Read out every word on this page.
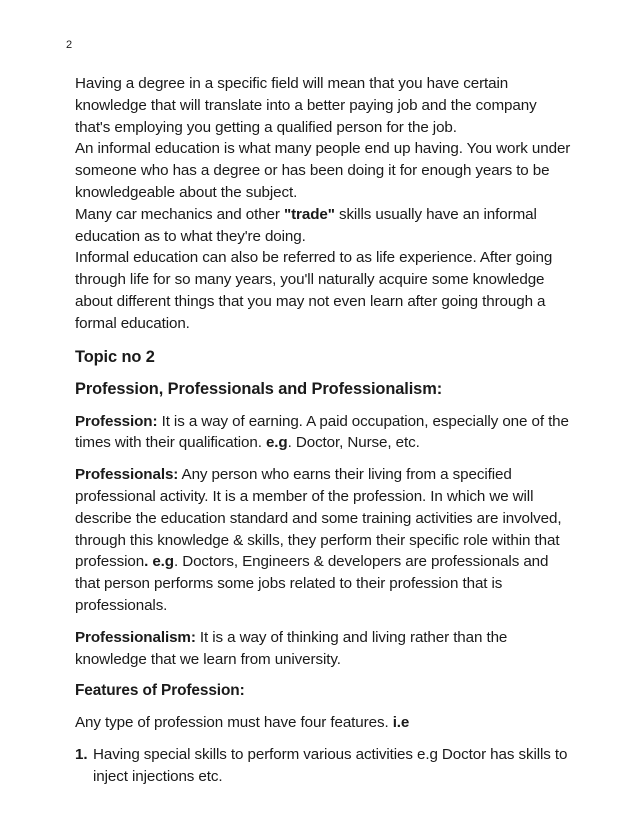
2

Having a degree in a specific field will mean that you have certain knowledge that will translate into a better paying job and the company that's employing you getting a qualified person for the job.

An informal education is what many people end up having. You work under someone who has a degree or has been doing it for enough years to be knowledgeable about the subject.

Many car mechanics and other "trade" skills usually have an informal education as to what they're doing.

Informal education can also be referred to as life experience. After going through life for so many years, you'll naturally acquire some knowledge about different things that you may not even learn after going through a formal education.

Topic no 2

Profession, Professionals and Professionalism:

Profession: It is a way of earning. A paid occupation, especially one of the times with their qualification. e.g. Doctor, Nurse, etc.

Professionals: Any person who earns their living from a specified professional activity. It is a member of the profession. In which we will describe the education standard and some training activities are involved, through this knowledge & skills, they perform their specific role within that profession. e.g. Doctors, Engineers & developers are professionals and that person performs some jobs related to their profession that is professionals.

Professionalism: It is a way of thinking and living rather than the knowledge that we learn from university.

Features of Profession:

Any type of profession must have four features. i.e

1. Having special skills to perform various activities e.g Doctor has skills to inject injections etc.
